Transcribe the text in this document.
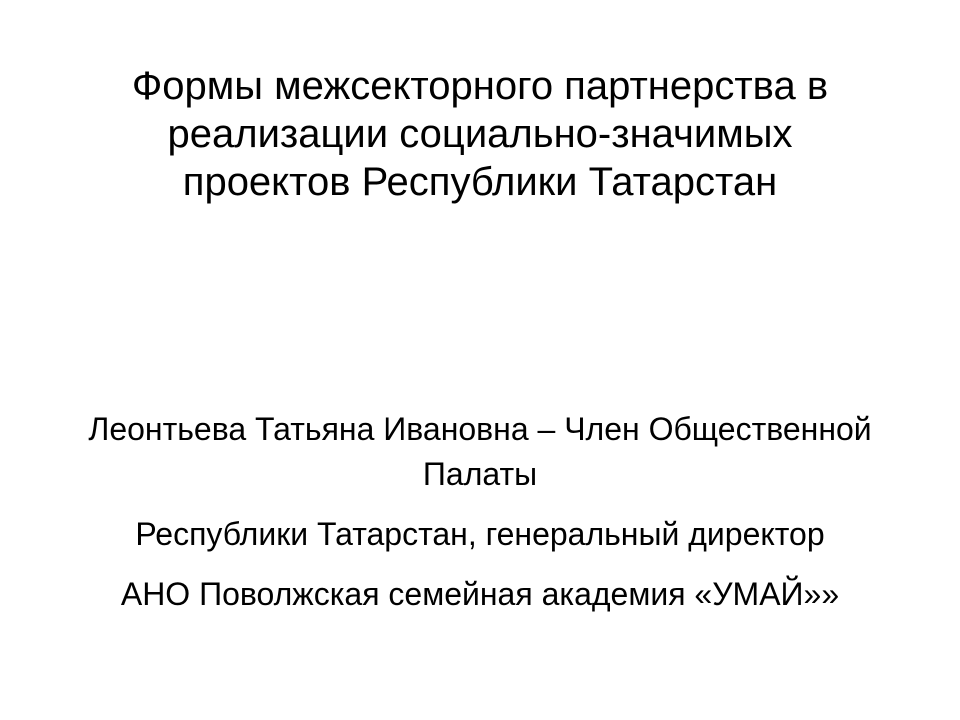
Формы межсекторного партнерства в
реализации социально-значимых
проектов Республики Татарстан

Леонтьева Татьяна Ивановна – Член Общественной
Палаты

Республики Татарстан, генеральный директор

АНО Поволжская семейная академия «УМАЙ»»
